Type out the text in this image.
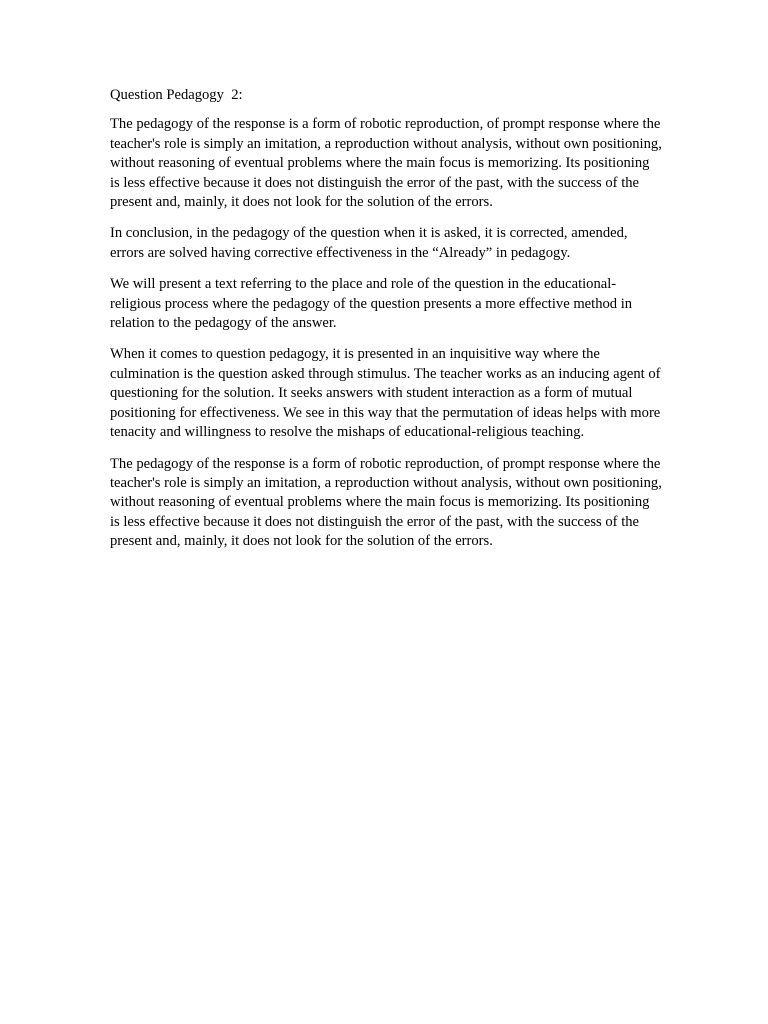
Question Pedagogy  2:

The pedagogy of the response is a form of robotic reproduction, of prompt response where the teacher's role is simply an imitation, a reproduction without analysis, without own positioning, without reasoning of eventual problems where the main focus is memorizing. Its positioning is less effective because it does not distinguish the error of the past, with the success of the present and, mainly, it does not look for the solution of the errors.

In conclusion, in the pedagogy of the question when it is asked, it is corrected, amended, errors are solved having corrective effectiveness in the “Already” in pedagogy.

We will present a text referring to the place and role of the question in the educational-religious process where the pedagogy of the question presents a more effective method in relation to the pedagogy of the answer.

When it comes to question pedagogy, it is presented in an inquisitive way where the culmination is the question asked through stimulus. The teacher works as an inducing agent of questioning for the solution. It seeks answers with student interaction as a form of mutual positioning for effectiveness. We see in this way that the permutation of ideas helps with more tenacity and willingness to resolve the mishaps of educational-religious teaching.

The pedagogy of the response is a form of robotic reproduction, of prompt response where the teacher's role is simply an imitation, a reproduction without analysis, without own positioning, without reasoning of eventual problems where the main focus is memorizing. Its positioning is less effective because it does not distinguish the error of the past, with the success of the present and, mainly, it does not look for the solution of the errors.
